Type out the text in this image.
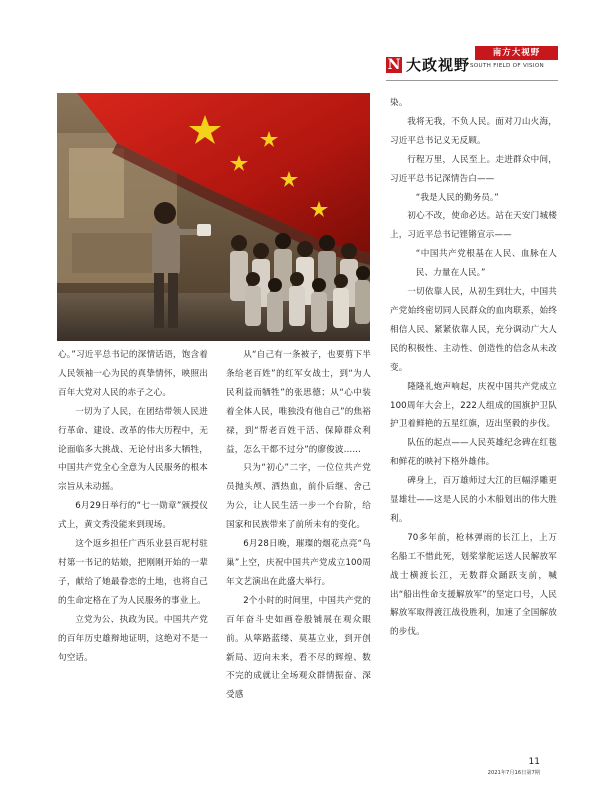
N 大政视野
南方大视野
SOUTH FIELD OF VISION

心。”习近平总书记的深情话语，饱含着人民领袖一心为民的真挚情怀，映照出百年大党对人民的赤子之心。

一切为了人民，在团结带领人民进行革命、建设、改革的伟大历程中，无论面临多大挑战、无论付出多大牺牲，中国共产党全心全意为人民服务的根本宗旨从未动摇。

6月29日举行的“七一勋章”颁授仪式上，黄文秀没能来到现场。

这个返乡担任广西乐业县百坭村驻村第一书记的姑娘，把刚刚开始的一辈子，献给了她最眷恋的土地，也将自己的生命定格在了为人民服务的事业上。

立党为公、执政为民。中国共产党的百年历史雄辩地证明，这绝对不是一句空话。

从“自己有一条被子，也要剪下半条给老百姓”的红军女战士，到“为人民利益而牺牲”的张思德；从“心中装着全体人民，唯独没有他自己”的焦裕禄，到“帮老百姓干活、保障群众利益，怎么干都不过分”的廖俊波……

只为“初心”二字，一位位共产党员抛头颅、洒热血，前仆后继、舍己为公，让人民生活一步一个台阶，给国家和民族带来了前所未有的变化。

6月28日晚，璀璨的烟花点亮“鸟巢”上空，庆祝中国共产党成立100周年文艺演出在此盛大举行。

2个小时的时间里，中国共产党的百年奋斗史如画卷般铺展在观众眼前。从筚路蓝缕、莫基立业，到开创新局、迈向未来，看不尽的辉煌、数不完的成就让全场观众群情振奋、深受感

染。

我将无我，不负人民。面对刀山火海，习近平总书记义无反顾。

行程万里，人民至上。走进群众中间，习近平总书记深情告白——

“我是人民的勤务员。”

初心不改，使命必达。站在天安门城楼上，习近平总书记铿锵宣示——

“中国共产党根基在人民、血脉在人民、力量在人民。”

一切依靠人民，从初生到壮大，中国共产党始终密切同人民群众的血肉联系，始终相信人民、紧紧依靠人民，充分调动广大人民的积极性、主动性、创造性的信念从未改变。

隆隆礼炮声响起，庆祝中国共产党成立100周年大会上，222人组成的国旗护卫队护卫着鲜艳的五星红旗，迈出坚毅的步伐。

队伍的起点——人民英雄纪念碑在红毯和鲜花的映衬下格外雄伟。

碑身上，百万雄师过大江的巨幅浮雕更显雄壮——这是人民的小木船划出的伟大胜利。

70多年前，枪林弹雨的长江上，上万名船工不惜此死，划桨掌舵运送人民解放军战士横渡长江，无数群众踊跃支前，喊出“船出性命支援解放军”的坚定口号，人民解放军取得渡江战役胜利，加速了全国解放的步伐。

11
2021年7月16日第7期
